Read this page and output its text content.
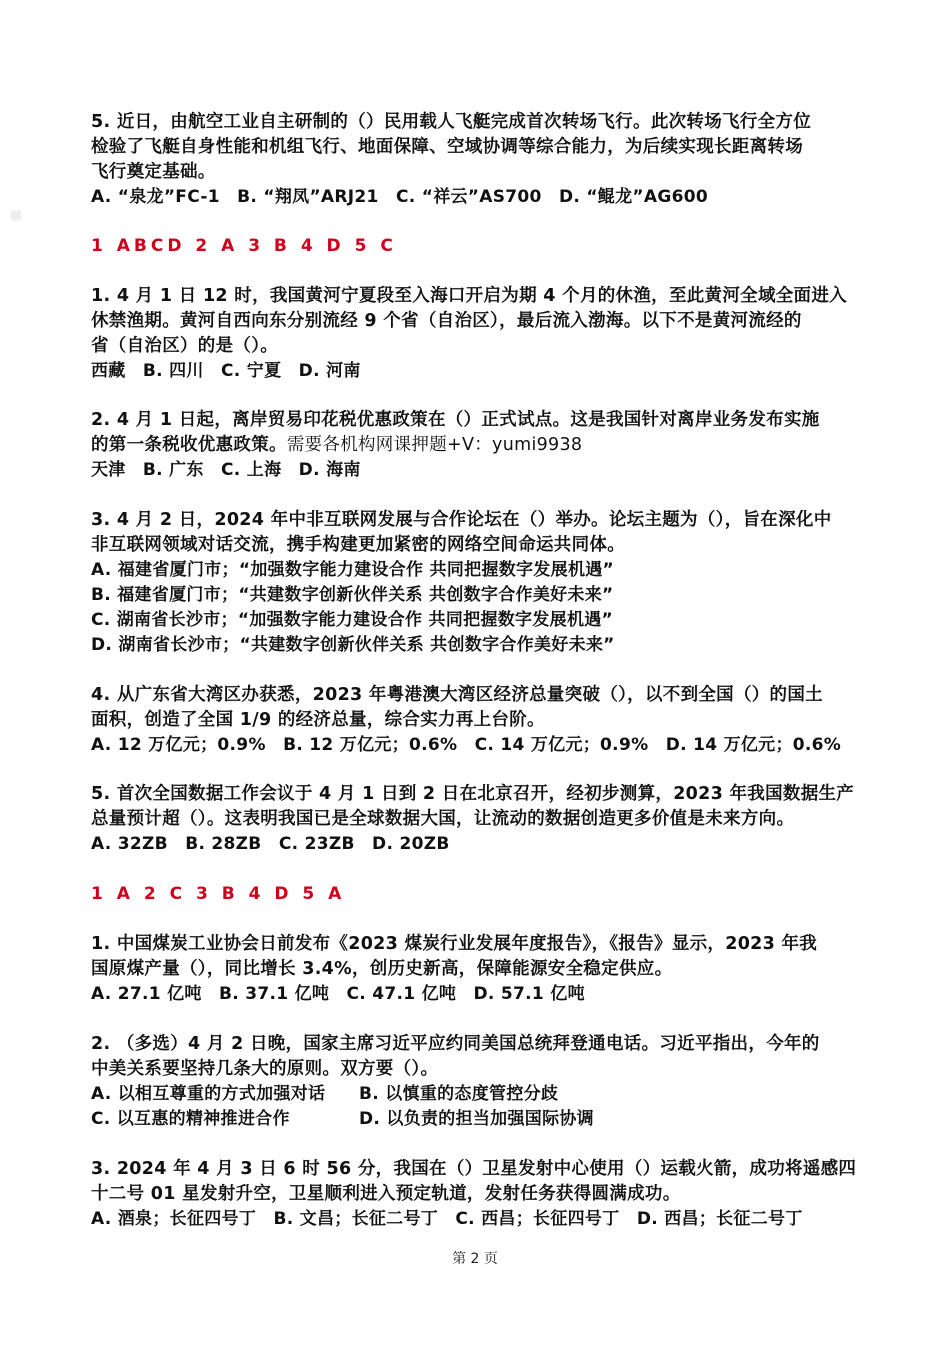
■
5. 近日，由航空工业自主研制的（）民用载人飞艇完成首次转场飞行。此次转场飞行全方位
检验了飞艇自身性能和机组飞行、地面保障、空域协调等综合能力，为后续实现长距离转场
飞行奠定基础。
A. “泉龙”FC-1　B. “翔凤”ARJ21　C. “祥云”AS700　D. “鲲龙”AG600
1 ABCD 2 A 3 B 4 D 5 C
1. 4 月 1 日 12 时，我国黄河宁夏段至入海口开启为期 4 个月的休渔，至此黄河全域全面进入
休禁渔期。黄河自西向东分别流经 9 个省（自治区），最后流入渤海。以下不是黄河流经的
省（自治区）的是（）。
西藏　B. 四川　C. 宁夏　D. 河南
2. 4 月 1 日起，离岸贸易印花税优惠政策在（）正式试点。这是我国针对离岸业务发布实施
的第一条税收优惠政策。需要各机构网课押题+V：yumi9938
天津　B. 广东　C. 上海　D. 海南
3. 4 月 2 日，2024 年中非互联网发展与合作论坛在（）举办。论坛主题为（），旨在深化中
非互联网领域对话交流，携手构建更加紧密的网络空间命运共同体。
A. 福建省厦门市；“加强数字能力建设合作 共同把握数字发展机遇”
B. 福建省厦门市；“共建数字创新伙伴关系 共创数字合作美好未来”
C. 湖南省长沙市；“加强数字能力建设合作 共同把握数字发展机遇”
D. 湖南省长沙市；“共建数字创新伙伴关系 共创数字合作美好未来”
4. 从广东省大湾区办获悉，2023 年粤港澳大湾区经济总量突破（），以不到全国（）的国土
面积，创造了全国 1/9 的经济总量，综合实力再上台阶。
A. 12 万亿元；0.9%　B. 12 万亿元；0.6%　C. 14 万亿元；0.9%　D. 14 万亿元；0.6%
5. 首次全国数据工作会议于 4 月 1 日到 2 日在北京召开，经初步测算，2023 年我国数据生产
总量预计超（）。这表明我国已是全球数据大国，让流动的数据创造更多价值是未来方向。
A. 32ZB　B. 28ZB　C. 23ZB　D. 20ZB
1 A 2 C 3 B 4 D 5 A
1. 中国煤炭工业协会日前发布《2023 煤炭行业发展年度报告》，《报告》显示，2023 年我
国原煤产量（），同比增长 3.4%，创历史新高，保障能源安全稳定供应。
A. 27.1 亿吨　B. 37.1 亿吨　C. 47.1 亿吨　D. 57.1 亿吨
2. （多选）4 月 2 日晚，国家主席习近平应约同美国总统拜登通电话。习近平指出，今年的
中美关系要坚持几条大的原则。双方要（）。
A. 以相互尊重的方式加强对话 B. 以慎重的态度管控分歧
C. 以互惠的精神推进合作	D. 以负责的担当加强国际协调
3. 2024 年 4 月 3 日 6 时 56 分，我国在（）卫星发射中心使用（）运载火箭，成功将遥感四
十二号 01 星发射升空，卫星顺利进入预定轨道，发射任务获得圆满成功。
A. 酒泉；长征四号丁　B. 文昌；长征二号丁　C. 西昌；长征四号丁　D. 西昌；长征二号丁
第 2 页
